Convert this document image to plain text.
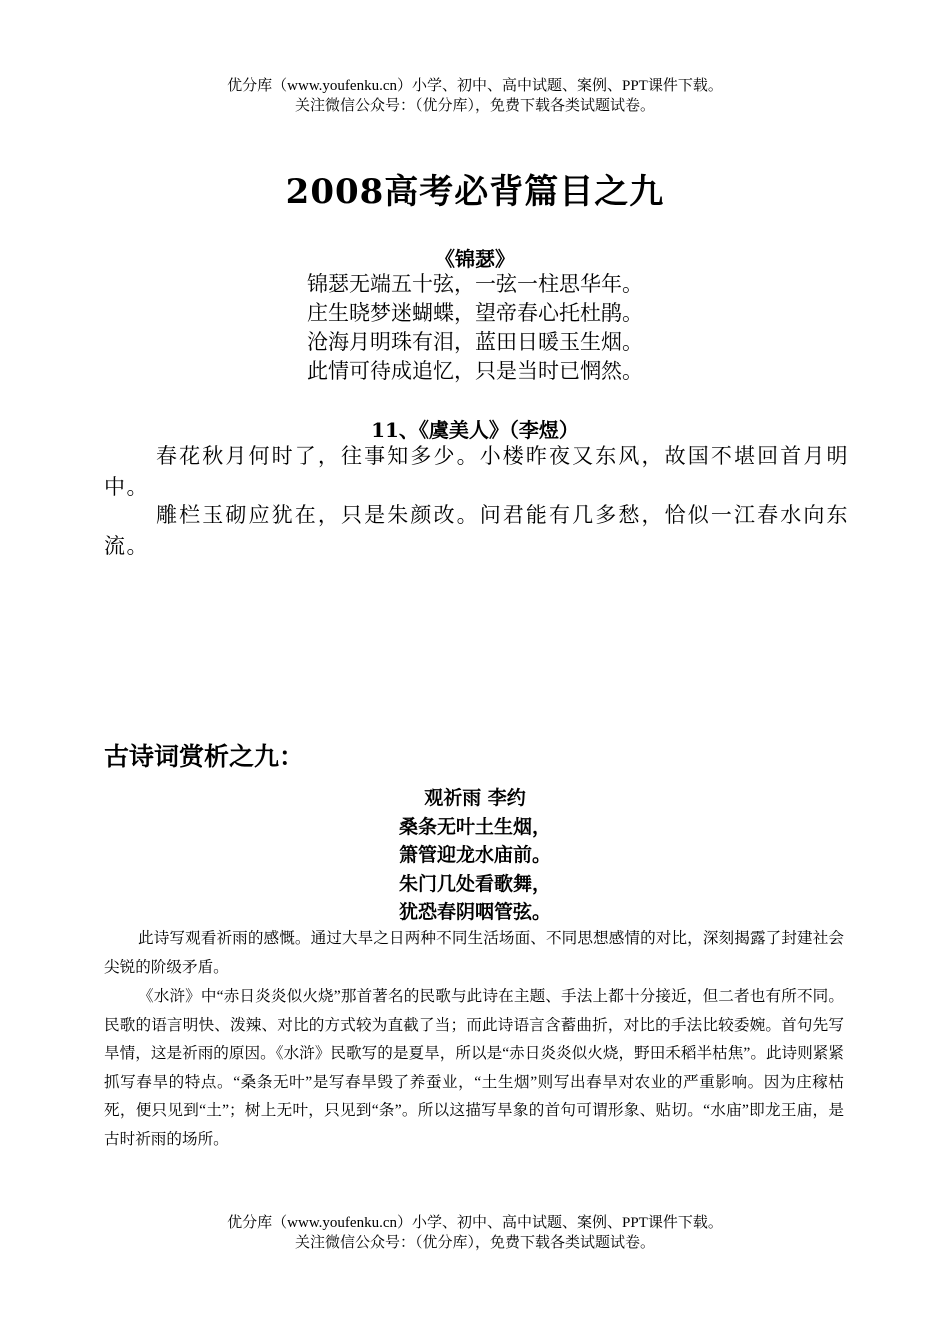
优分库（www.youfenku.cn）小学、初中、高中试题、案例、PPT课件下载。
关注微信公众号：（优分库），免费下载各类试题试卷。
2008高考必背篇目之九
《锦瑟》
锦瑟无端五十弦，一弦一柱思华年。
庄生晓梦迷蝴蝶，望帝春心托杜鹃。
沧海月明珠有泪，蓝田日暖玉生烟。
此情可待成追忆，只是当时已惘然。
11、《虞美人》（李煜）
春花秋月何时了，往事知多少。小楼昨夜又东风，故国不堪回首月明中。
雕栏玉砌应犹在，只是朱颜改。问君能有几多愁，恰似一江春水向东流。
古诗词赏析之九：
观祈雨 李约
桑条无叶土生烟，
箫管迎龙水庙前。
朱门几处看歌舞，
犹恐春阴咽管弦。
此诗写观看祈雨的感慨。通过大旱之日两种不同生活场面、不同思想感情的对比，深刻揭露了封建社会尖锐的阶级矛盾。
《水浒》中“赤日炎炎似火烧”那首著名的民歌与此诗在主题、手法上都十分接近，但二者也有所不同。民歌的语言明快、泼辣、对比的方式较为直截了当；而此诗语言含蓄曲折，对比的手法比较委婉。首句先写旱情，这是祈雨的原因。《水浒》民歌写的是夏旱，所以是“赤日炎炎似火烧，野田禾稻半枯焦”。此诗则紧紧抓写春旱的特点。“桑条无叶”是写春旱毁了养蚕业，“土生烟”则写出春旱对农业的严重影响。因为庄稼枯死，便只见到“土”；树上无叶，只见到“条”。所以这描写旱象的首句可谓形象、贴切。“水庙”即龙王庙，是古时祈雨的场所。
优分库（www.youfenku.cn）小学、初中、高中试题、案例、PPT课件下载。
关注微信公众号：（优分库），免费下载各类试题试卷。
